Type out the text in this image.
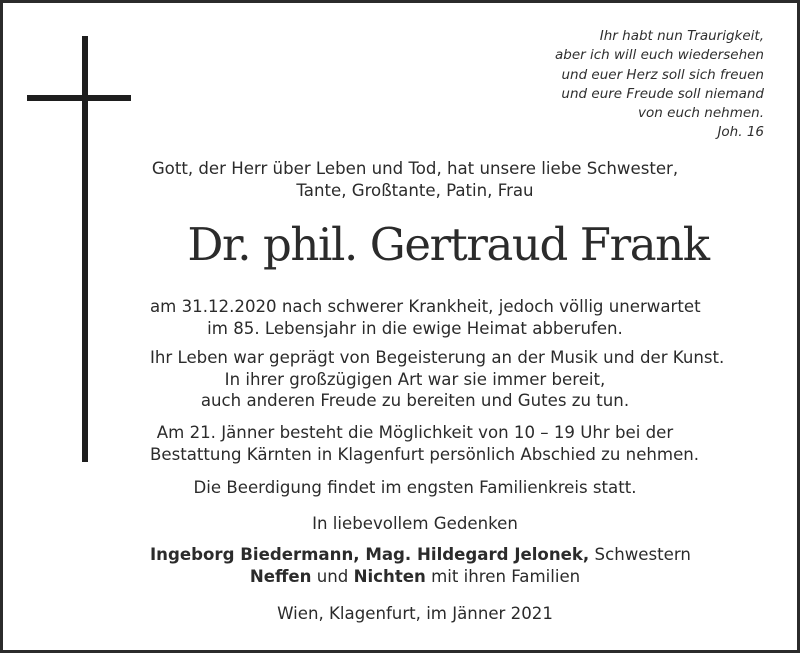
Ihr habt nun Traurigkeit,
aber ich will euch wiedersehen
und euer Herz soll sich freuen
und eure Freude soll niemand
von euch nehmen.
Joh. 16
Gott, der Herr über Leben und Tod, hat unsere liebe Schwester,
Tante, Großtante, Patin, Frau
Dr. phil. Gertraud Frank
am 31.12.2020 nach schwerer Krankheit, jedoch völlig unerwartet
im 85. Lebensjahr in die ewige Heimat abberufen.
Ihr Leben war geprägt von Begeisterung an der Musik und der Kunst.
In ihrer großzügigen Art war sie immer bereit,
auch anderen Freude zu bereiten und Gutes zu tun.
Am 21. Jänner besteht die Möglichkeit von 10 – 19 Uhr bei der
Bestattung Kärnten in Klagenfurt persönlich Abschied zu nehmen.
Die Beerdigung findet im engsten Familienkreis statt.
In liebevollem Gedenken
Ingeborg Biedermann, Mag. Hildegard Jelonek, Schwestern
Neffen und Nichten mit ihren Familien
Wien, Klagenfurt, im Jänner 2021
